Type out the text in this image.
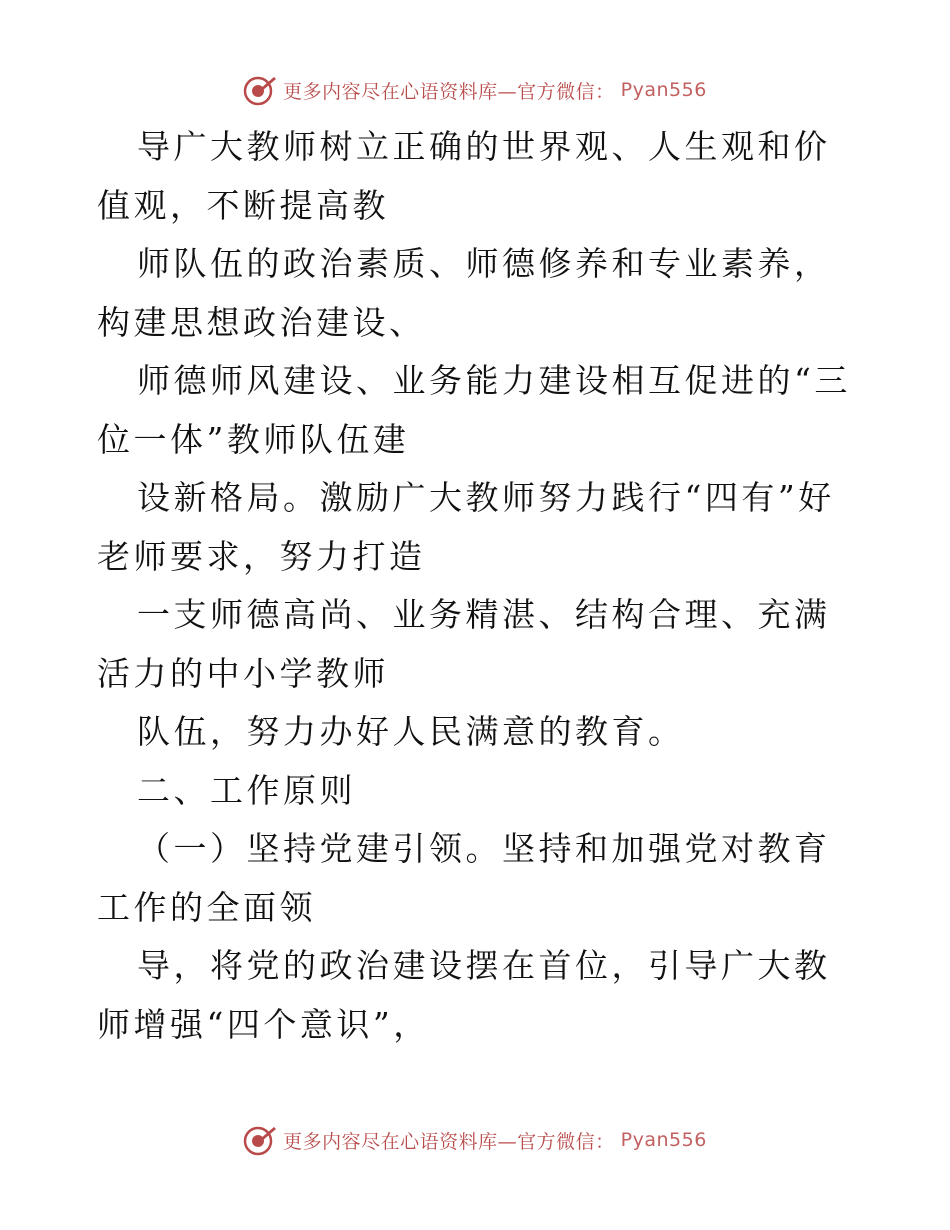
更多内容尽在心语资料库—官方微信： Pyan556

导广大教师树立正确的世界观、人生观和价值观，不断提高教

师队伍的政治素质、师德修养和专业素养，构建思想政治建设、

师德师风建设、业务能力建设相互促进的“三位一体”教师队伍建

设新格局。激励广大教师努力践行“四有”好老师要求，努力打造

一支师德高尚、业务精湛、结构合理、充满活力的中小学教师

队伍，努力办好人民满意的教育。

二、工作原则

（一）坚持党建引领。坚持和加强党对教育工作的全面领

导，将党的政治建设摆在首位，引导广大教师增强“四个意识”，

更多内容尽在心语资料库—官方微信： Pyan556
